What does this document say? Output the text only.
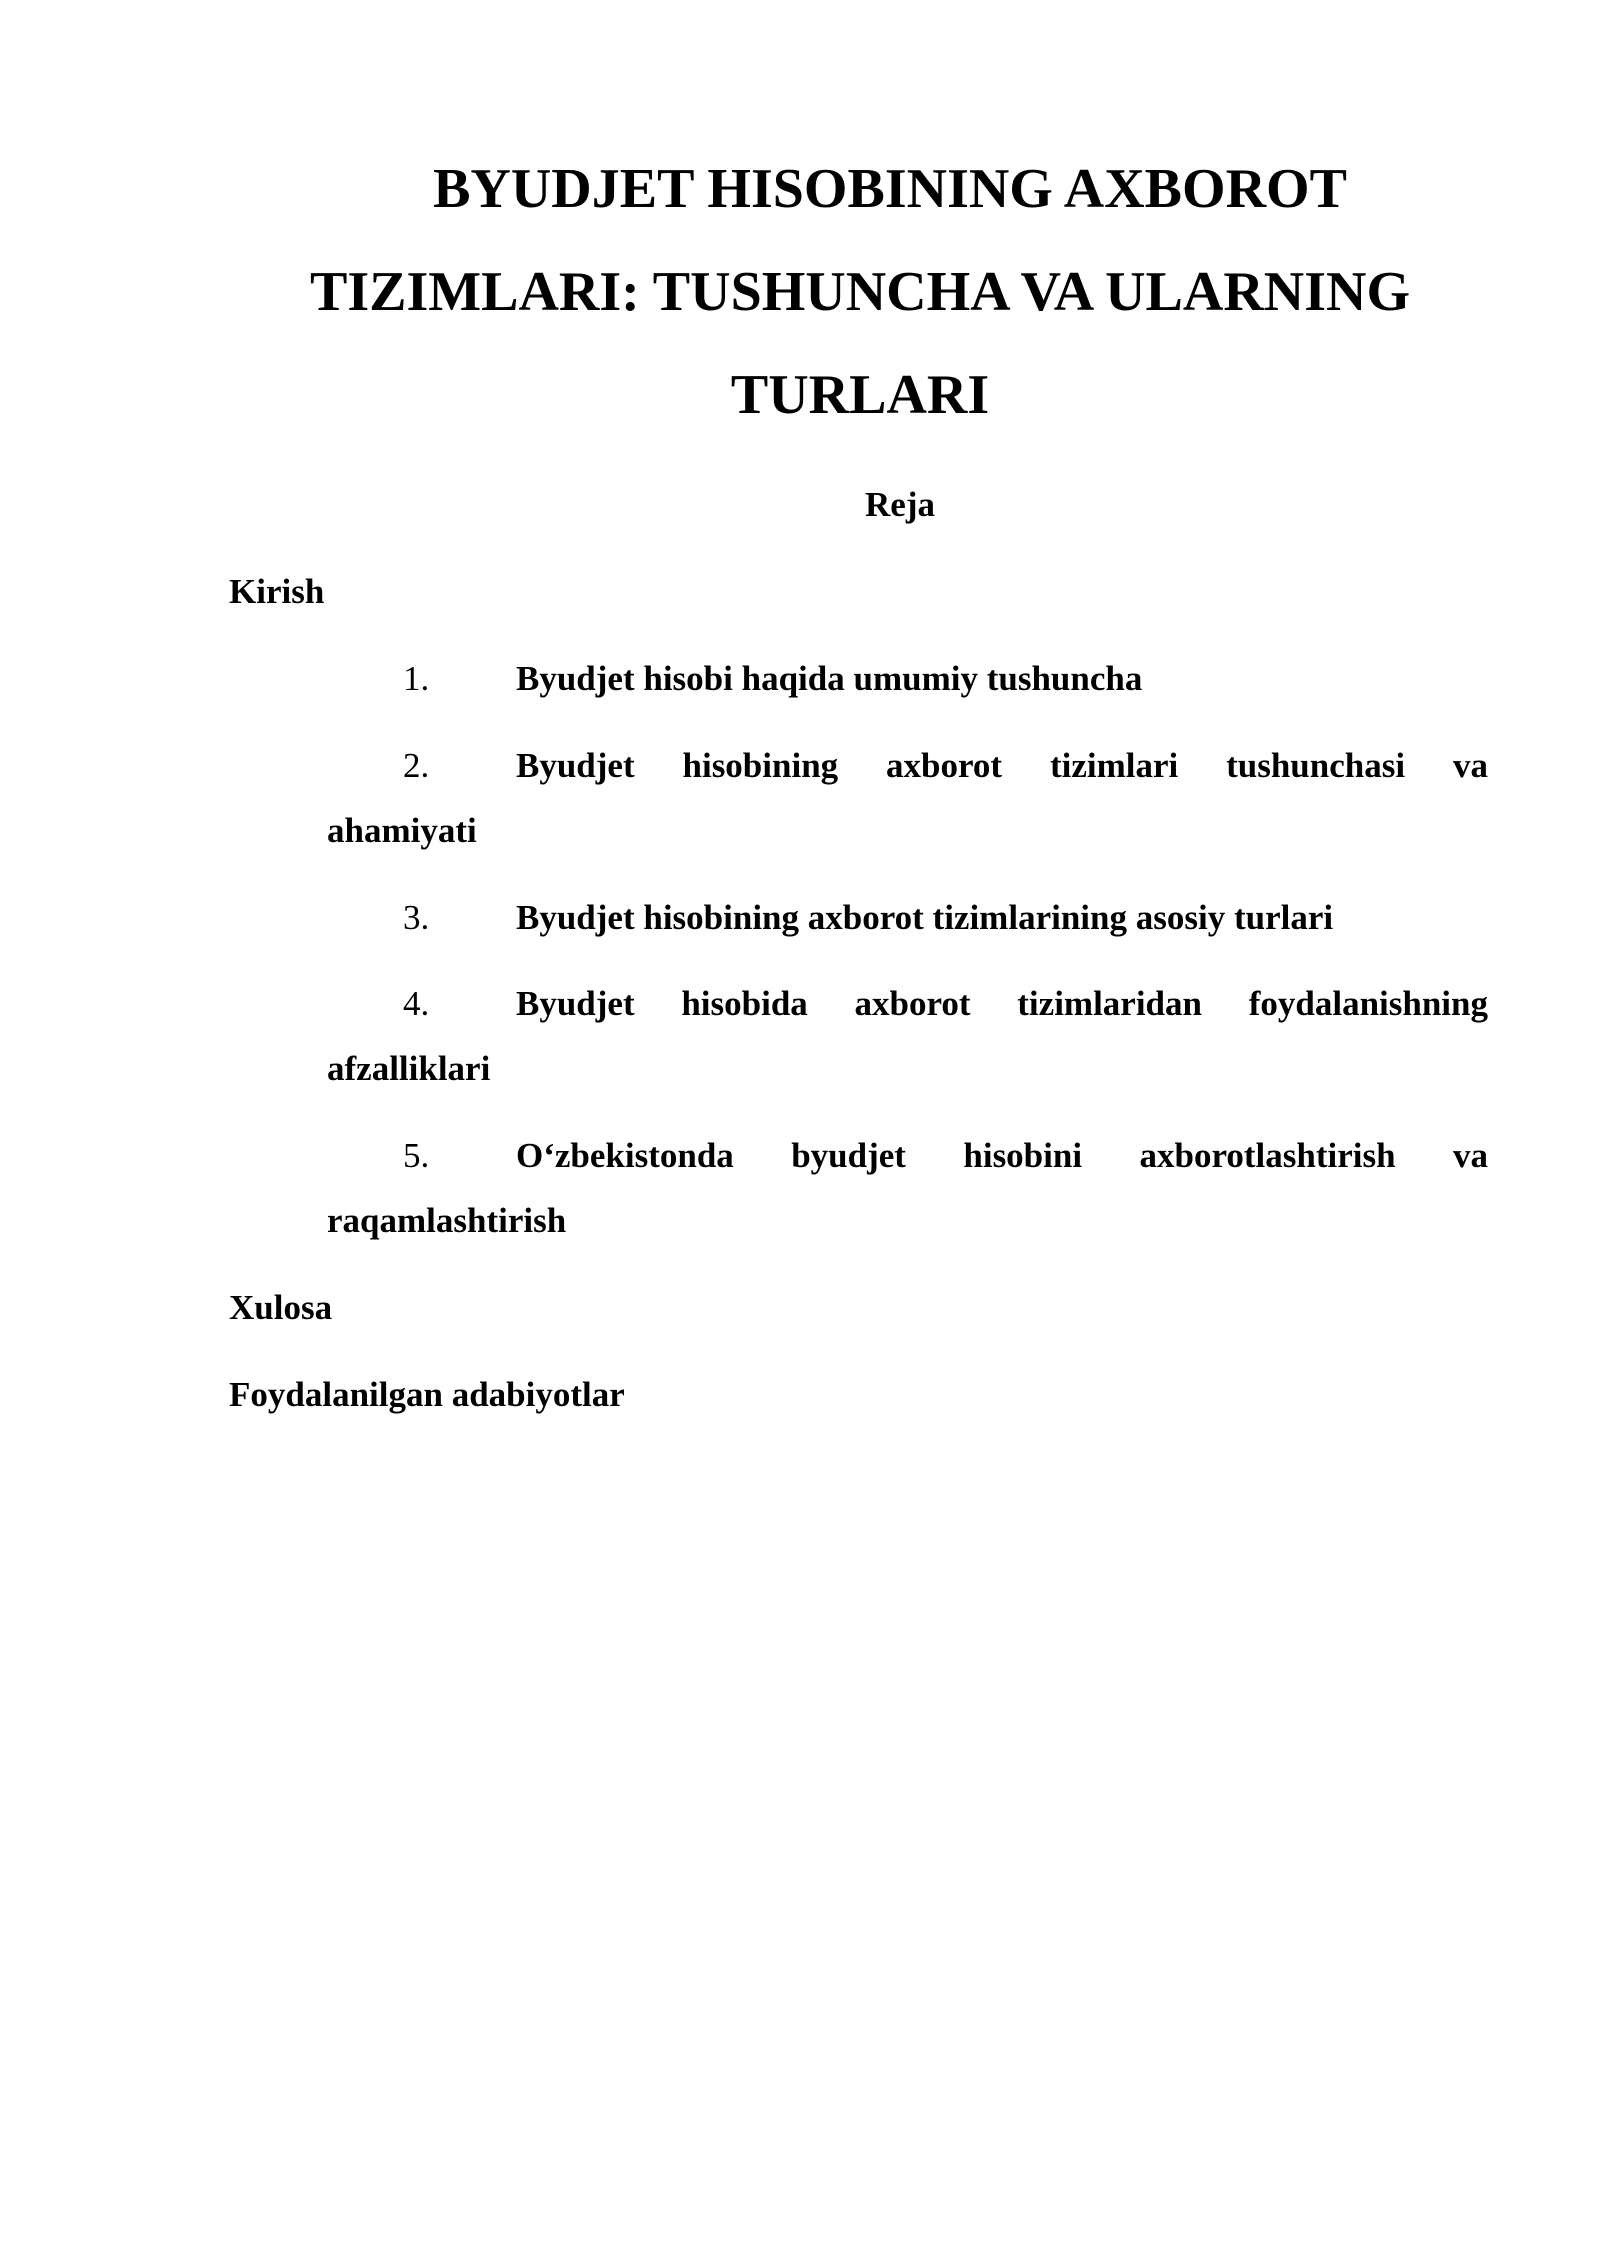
BYUDJET HISOBINING AXBOROT
TIZIMLARI: TUSHUNCHA VA ULARNING
TURLARI

Reja

Kirish

1. Byudjet hisobi haqida umumiy tushuncha
2. Byudjet hisobining axborot tizimlari tushunchasi va
ahamiyati
3. Byudjet hisobining axborot tizimlarining asosiy turlari
4. Byudjet hisobida axborot tizimlaridan foydalanishning
afzalliklari
5. O‘zbekistonda byudjet hisobini axborotlashtirish va
raqamlashtirish

Xulosa

Foydalanilgan adabiyotlar
